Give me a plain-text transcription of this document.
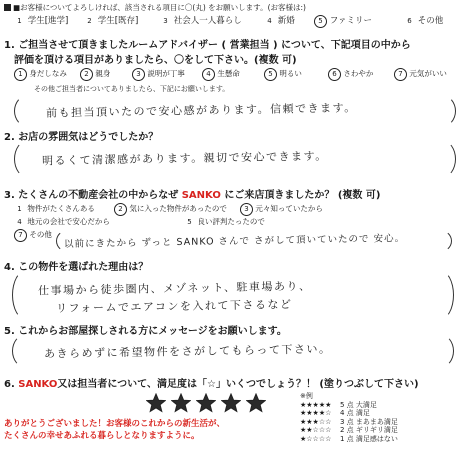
■お客様についてよろしければ、該当される項目に〇(丸) をお願いします。(お客様は:)
1 学生[進学]	2 学生[既存]	3 社会人一人暮らし	4 新婚	5 ファミリー	6 その他
1. ご担当させて頂きましたルームアドバイザー ( 営業担当 ) について、下記項目の中から
評価を頂ける項目がありましたら、〇をして下さい。(複数 可)
1 身だしなみ	2 親身	3 説明が丁寧	4 生懸命	5 明るい	6 さわやか	7 元気がいい
その他ご担当者についてありましたら、下記にお願いします。
前も担当頂いたので安心感があります。信頼できます。
2. お店の雰囲気はどうでしたか？
明るくて清潔感があります。親切で安心できます。
3. たくさんの不動産会社の中からなぜ SANKO にご来店頂きましたか？ (複数 可)
1 物件がたくさんある	2 気に入った物件があったので	3 元々知っていたから
4 地元の会社で安心だから	5 良い評判たったので
7 その他 以前にきたから ずっと SANKO さんで さがして頂いていたので 安心。
4. この物件を選ばれた理由は？
仕事場から徒歩圏内、メゾネット、駐車場あり、
リフォームでエアコンを入れて下さるなど
5. これからお部屋探しされる方にメッセージをお願いします。
あきらめずに希望物件をさがしてもらって下さい。
6. SANKO又は担当者について、満足度は「☆」いくつでしょう？！ (塗りつぶして下さい)
※例
★★★★★	5 点 大満足
★★★★☆	4 点 満足
★★★☆☆	3 点 まあまあ満足
★★☆☆☆	2 点 ギリギリ満足
★☆☆☆☆	1 点 満足感はない
ありがとうございました！お客様のこれからの新生活が、
たくさんの幸せあふれる暮らしとなりますように。
